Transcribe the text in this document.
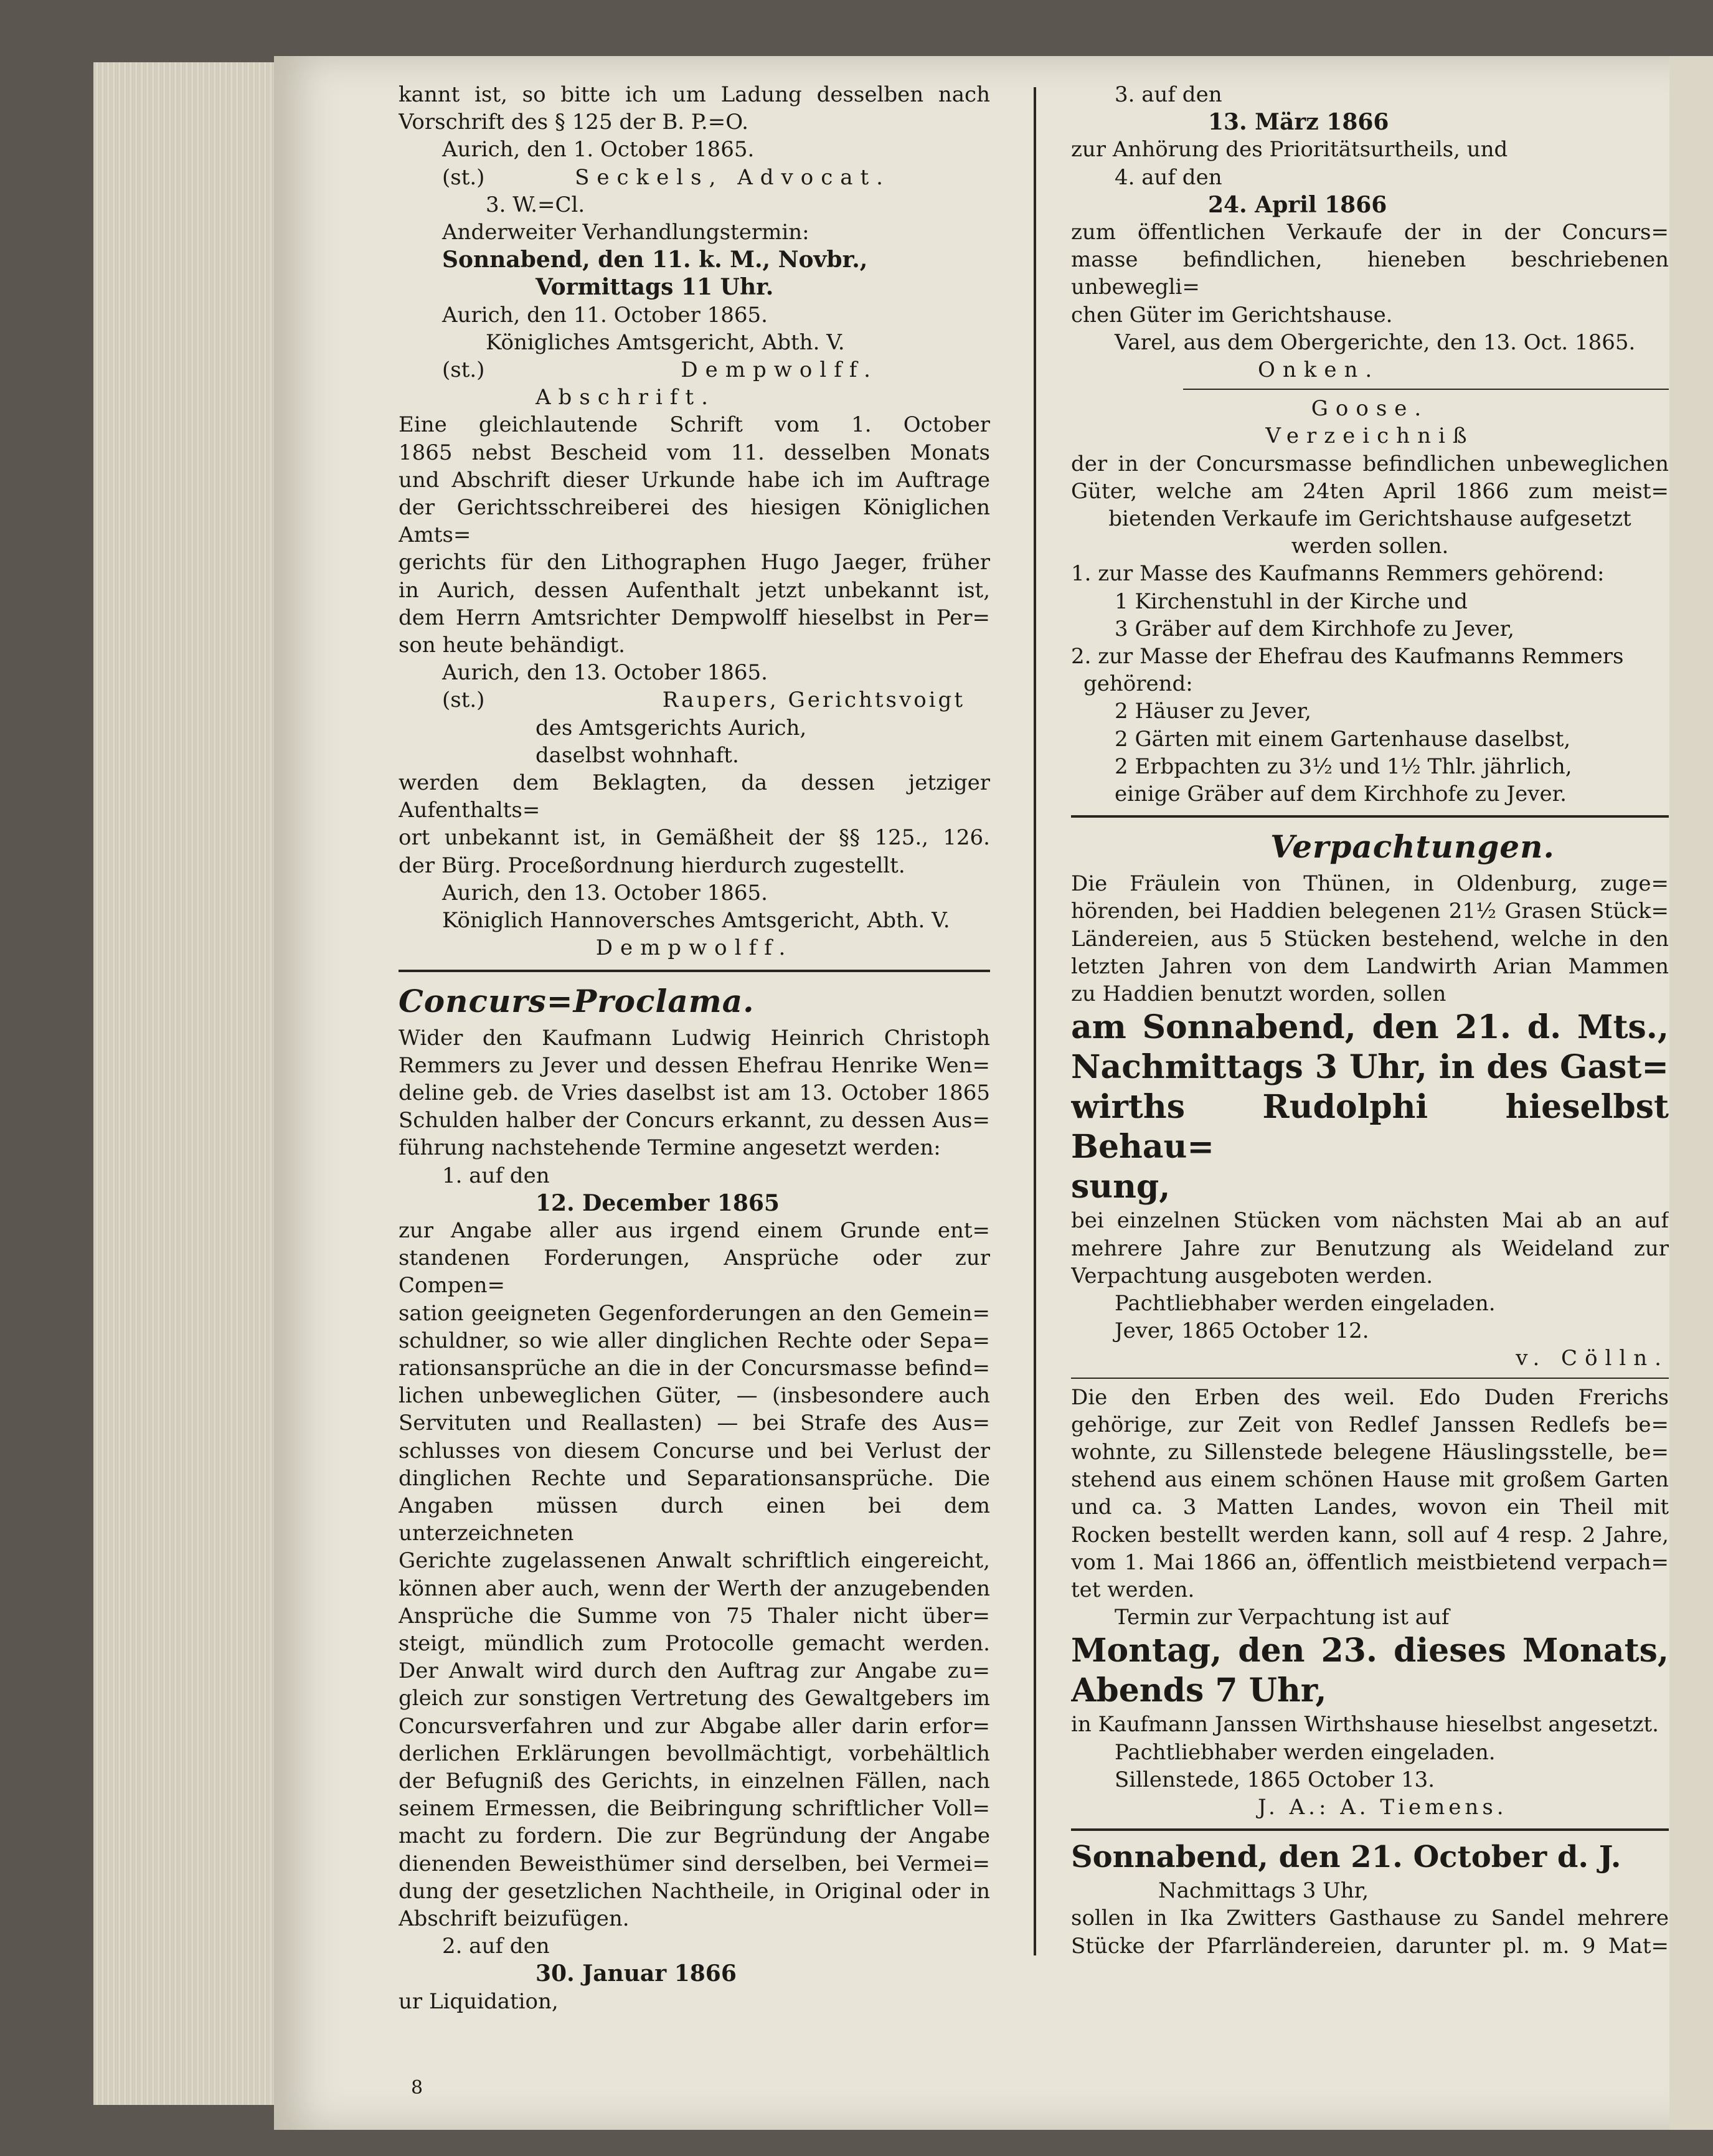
kannt ist, so bitte ich um Ladung desselben nach
Vorschrift des § 125 der B. P.=O.
Aurich, den 1. October 1865.
(st.)	Seckels, Advocat.
3. W.=Cl.
Anderweiter Verhandlungstermin:
Sonnabend, den 11. k. M., Novbr.,
Vormittags 11 Uhr.
Aurich, den 11. October 1865.
Königliches Amtsgericht, Abth. V.
(st.)	Dempwolff.
Abschrift.
Eine gleichlautende Schrift vom 1. October
1865 nebst Bescheid vom 11. desselben Monats
und Abschrift dieser Urkunde habe ich im Auftrage
der Gerichtsschreiberei des hiesigen Königlichen Amts=
gerichts für den Lithographen Hugo Jaeger, früher
in Aurich, dessen Aufenthalt jetzt unbekannt ist,
dem Herrn Amtsrichter Dempwolff hieselbst in Per=
son heute behändigt.
Aurich, den 13. October 1865.
(st.)	Raupers, Gerichtsvoigt
des Amtsgerichts Aurich,
daselbst wohnhaft.
werden dem Beklagten, da dessen jetziger Aufenthalts=
ort unbekannt ist, in Gemäßheit der §§ 125., 126.
der Bürg. Proceßordnung hierdurch zugestellt.
Aurich, den 13. October 1865.
Königlich Hannoversches Amtsgericht, Abth. V.
Dempwolff.
Concurs=Proclama.
Wider den Kaufmann Ludwig Heinrich Christoph
Remmers zu Jever und dessen Ehefrau Henrike Wen=
deline geb. de Vries daselbst ist am 13. October 1865
Schulden halber der Concurs erkannt, zu dessen Aus=
führung nachstehende Termine angesetzt werden:
1. auf den
12. December 1865
zur Angabe aller aus irgend einem Grunde ent=
standenen Forderungen, Ansprüche oder zur Compen=
sation geeigneten Gegenforderungen an den Gemein=
schuldner, so wie aller dinglichen Rechte oder Sepa=
rationsansprüche an die in der Concursmasse befind=
lichen unbeweglichen Güter, — (insbesondere auch
Servituten und Reallasten) — bei Strafe des Aus=
schlusses von diesem Concurse und bei Verlust der
dinglichen Rechte und Separationsansprüche. Die
Angaben müssen durch einen bei dem unterzeichneten
Gerichte zugelassenen Anwalt schriftlich eingereicht,
können aber auch, wenn der Werth der anzugebenden
Ansprüche die Summe von 75 Thaler nicht über=
steigt, mündlich zum Protocolle gemacht werden.
Der Anwalt wird durch den Auftrag zur Angabe zu=
gleich zur sonstigen Vertretung des Gewaltgebers im
Concursverfahren und zur Abgabe aller darin erfor=
derlichen Erklärungen bevollmächtigt, vorbehältlich
der Befugniß des Gerichts, in einzelnen Fällen, nach
seinem Ermessen, die Beibringung schriftlicher Voll=
macht zu fordern. Die zur Begründung der Angabe
dienenden Beweisthümer sind derselben, bei Vermei=
dung der gesetzlichen Nachtheile, in Original oder in
Abschrift beizufügen.
2. auf den
30. Januar 1866
ur Liquidation,
8
3. auf den
13. März 1866
zur Anhörung des Prioritätsurtheils, und
4. auf den
24. April 1866
zum öffentlichen Verkaufe der in der Concurs=
masse befindlichen, hieneben beschriebenen unbewegli=
chen Güter im Gerichtshause.
Varel, aus dem Obergerichte, den 13. Oct. 1865.
Onken.
Goose.
Verzeichniß
der in der Concursmasse befindlichen unbeweglichen
Güter, welche am 24ten April 1866 zum meist=
bietenden Verkaufe im Gerichtshause aufgesetzt
werden sollen.
1. zur Masse des Kaufmanns Remmers gehörend:
1 Kirchenstuhl in der Kirche und
3 Gräber auf dem Kirchhofe zu Jever,
2. zur Masse der Ehefrau des Kaufmanns Remmers
gehörend:
2 Häuser zu Jever,
2 Gärten mit einem Gartenhause daselbst,
2 Erbpachten zu 3½ und 1½ Thlr. jährlich,
einige Gräber auf dem Kirchhofe zu Jever.
Verpachtungen.
Die Fräulein von Thünen, in Oldenburg, zuge=
hörenden, bei Haddien belegenen 21½ Grasen Stück=
Ländereien, aus 5 Stücken bestehend, welche in den
letzten Jahren von dem Landwirth Arian Mammen
zu Haddien benutzt worden, sollen
am Sonnabend, den 21. d. Mts.,
Nachmittags 3 Uhr, in des Gast=
wirths Rudolphi hieselbst Behau=
sung,
bei einzelnen Stücken vom nächsten Mai ab an auf
mehrere Jahre zur Benutzung als Weideland zur
Verpachtung ausgeboten werden.
Pachtliebhaber werden eingeladen.
Jever, 1865 October 12.
v. Cölln.
Die den Erben des weil. Edo Duden Frerichs
gehörige, zur Zeit von Redlef Janssen Redlefs be=
wohnte, zu Sillenstede belegene Häuslingsstelle, be=
stehend aus einem schönen Hause mit großem Garten
und ca. 3 Matten Landes, wovon ein Theil mit
Rocken bestellt werden kann, soll auf 4 resp. 2 Jahre,
vom 1. Mai 1866 an, öffentlich meistbietend verpach=
tet werden.
Termin zur Verpachtung ist auf
Montag, den 23. dieses Monats,
Abends 7 Uhr,
in Kaufmann Janssen Wirthshause hieselbst angesetzt.
Pachtliebhaber werden eingeladen.
Sillenstede, 1865 October 13.
J. A.: A. Tiemens.
Sonnabend, den 21. October d. J.
Nachmittags 3 Uhr,
sollen in Ika Zwitters Gasthause zu Sandel mehrere
Stücke der Pfarrländereien, darunter pl. m. 9 Mat=
